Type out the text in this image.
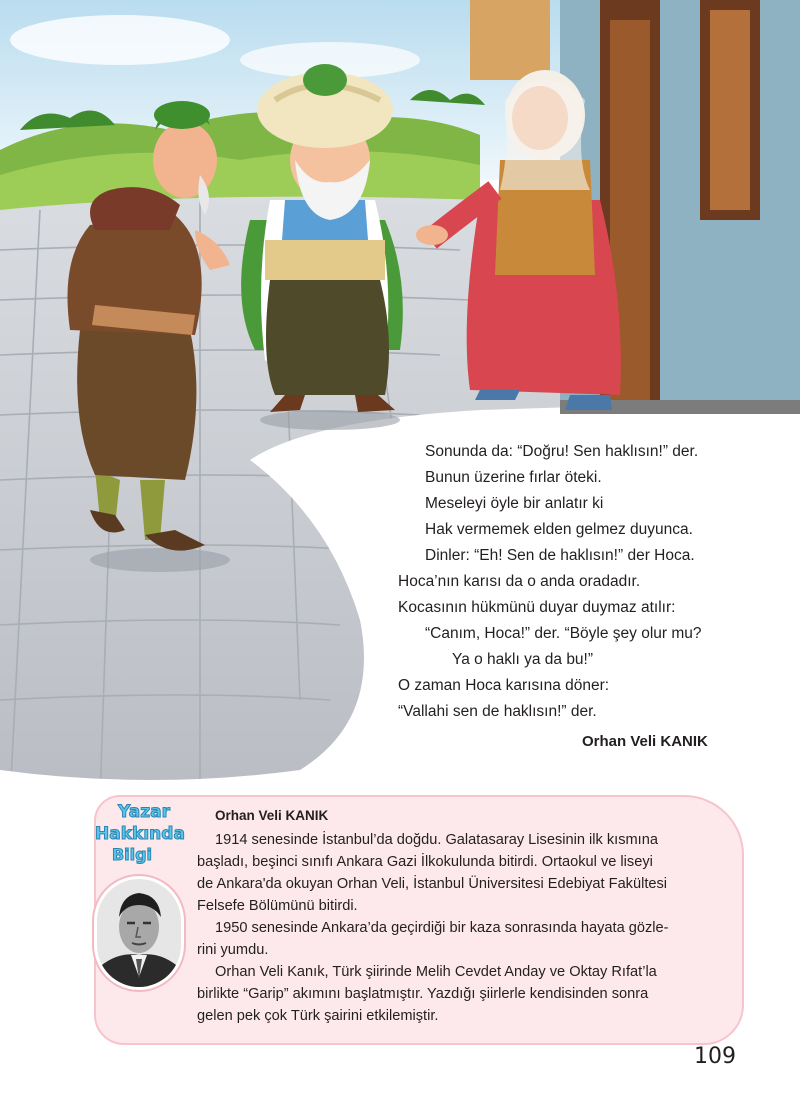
Sonunda da: “Doğru! Sen haklısın!” der.
Bunun üzerine fırlar öteki.
Meseleyi öyle bir anlatır ki
Hak vermemek elden gelmez duyunca.
Dinler: “Eh! Sen de haklısın!” der Hoca.
Hoca’nın karısı da o anda oradadır.
Kocasının hükmünü duyar duymaz atılır:
“Canım, Hoca!” der. “Böyle şey olur mu?
Ya o haklı ya da bu!”
O zaman Hoca karısına döner:
“Vallahi sen de haklısın!” der.
Orhan Veli KANIK
Yazar
Hakkında
Bilgi
Orhan Veli KANIK
1914 senesinde İstanbul’da doğdu. Galatasaray Lisesinin ilk kısmına
başladı, beşinci sınıfı Ankara Gazi İlkokulunda bitirdi. Ortaokul ve liseyi
de Ankara'da okuyan Orhan Veli, İstanbul Üniversitesi Edebiyat Fakültesi
Felsefe Bölümünü bitirdi.
1950 senesinde Ankara’da geçirdiği bir kaza sonrasında hayata gözle-
rini yumdu.
Orhan Veli Kanık, Türk şiirinde Melih Cevdet Anday ve Oktay Rıfat’la
birlikte “Garip” akımını başlatmıştır. Yazdığı şiirlerle kendisinden sonra
gelen pek çok Türk şairini etkilemiştir.
109
